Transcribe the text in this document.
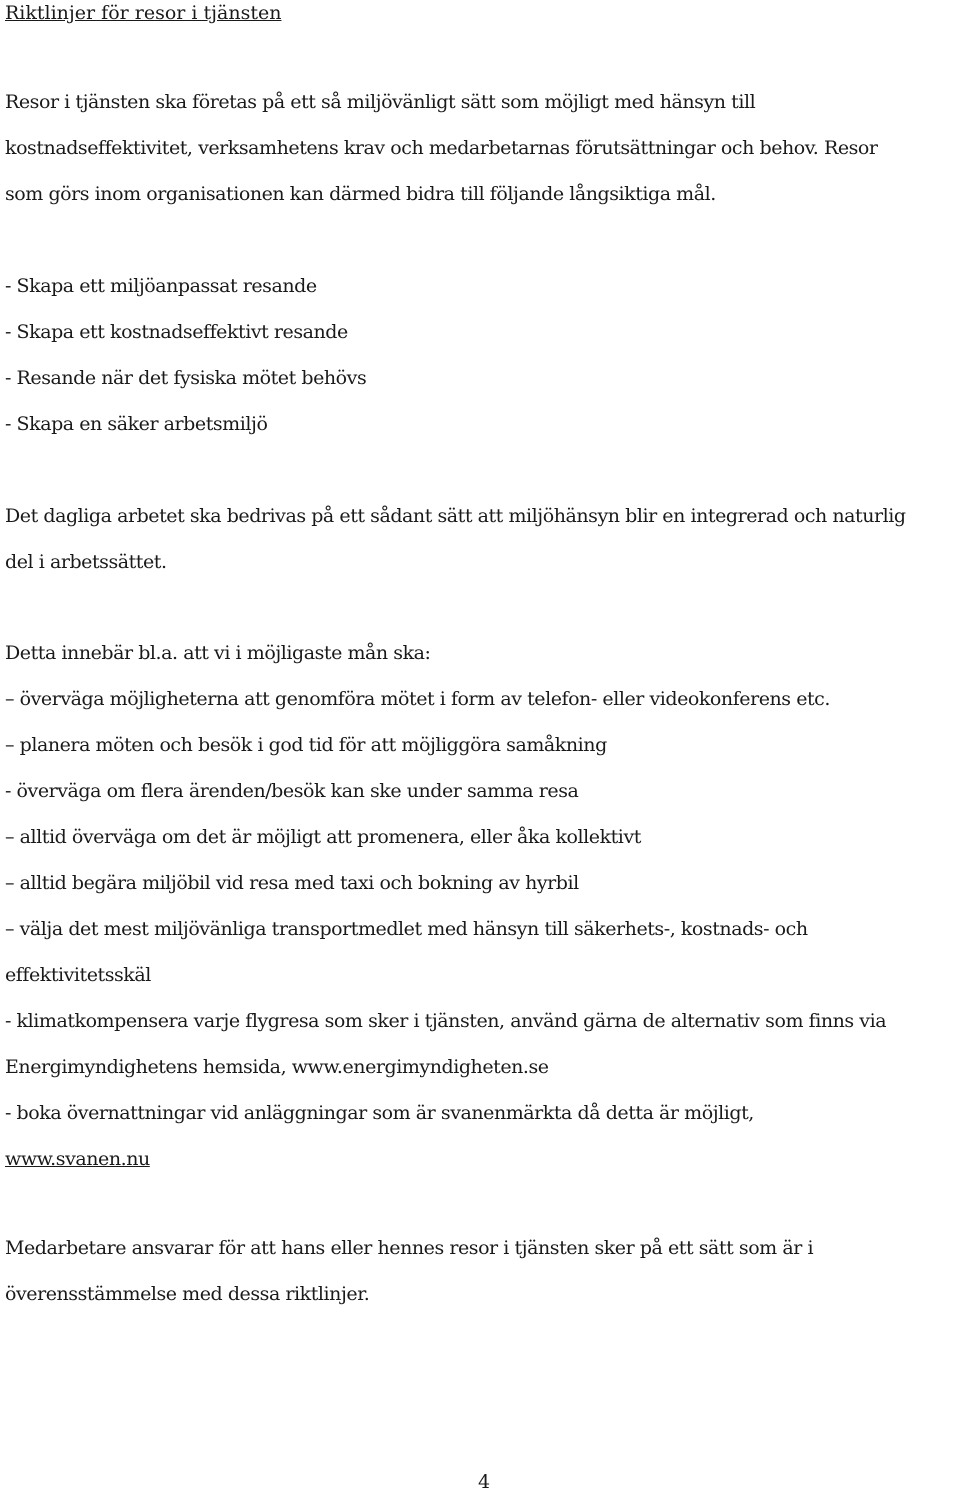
Riktlinjer för resor i tjänsten
Resor i tjänsten ska företas på ett så miljövänligt sätt som möjligt med hänsyn till
kostnadseffektivitet, verksamhetens krav och medarbetarnas förutsättningar och behov. Resor
som görs inom organisationen kan därmed bidra till följande långsiktiga mål.
- Skapa ett miljöanpassat resande
- Skapa ett kostnadseffektivt resande
- Resande när det fysiska mötet behövs
- Skapa en säker arbetsmiljö
Det dagliga arbetet ska bedrivas på ett sådant sätt att miljöhänsyn blir en integrerad och naturlig
del i arbetssättet.
Detta innebär bl.a. att vi i möjligaste mån ska:
– överväga möjligheterna att genomföra mötet i form av telefon- eller videokonferens etc.
– planera möten och besök i god tid för att möjliggöra samåkning
- överväga om flera ärenden/besök kan ske under samma resa
– alltid överväga om det är möjligt att promenera, eller åka kollektivt
– alltid begära miljöbil vid resa med taxi och bokning av hyrbil
– välja det mest miljövänliga transportmedlet med hänsyn till säkerhets-, kostnads- och
effektivitetsskäl
- klimatkompensera varje flygresa som sker i tjänsten, använd gärna de alternativ som finns via
Energimyndighetens hemsida, www.energimyndigheten.se
- boka övernattningar vid anläggningar som är svanenmärkta då detta är möjligt,
www.svanen.nu
Medarbetare ansvarar för att hans eller hennes resor i tjänsten sker på ett sätt som är i
överensstämmelse med dessa riktlinjer.
4
